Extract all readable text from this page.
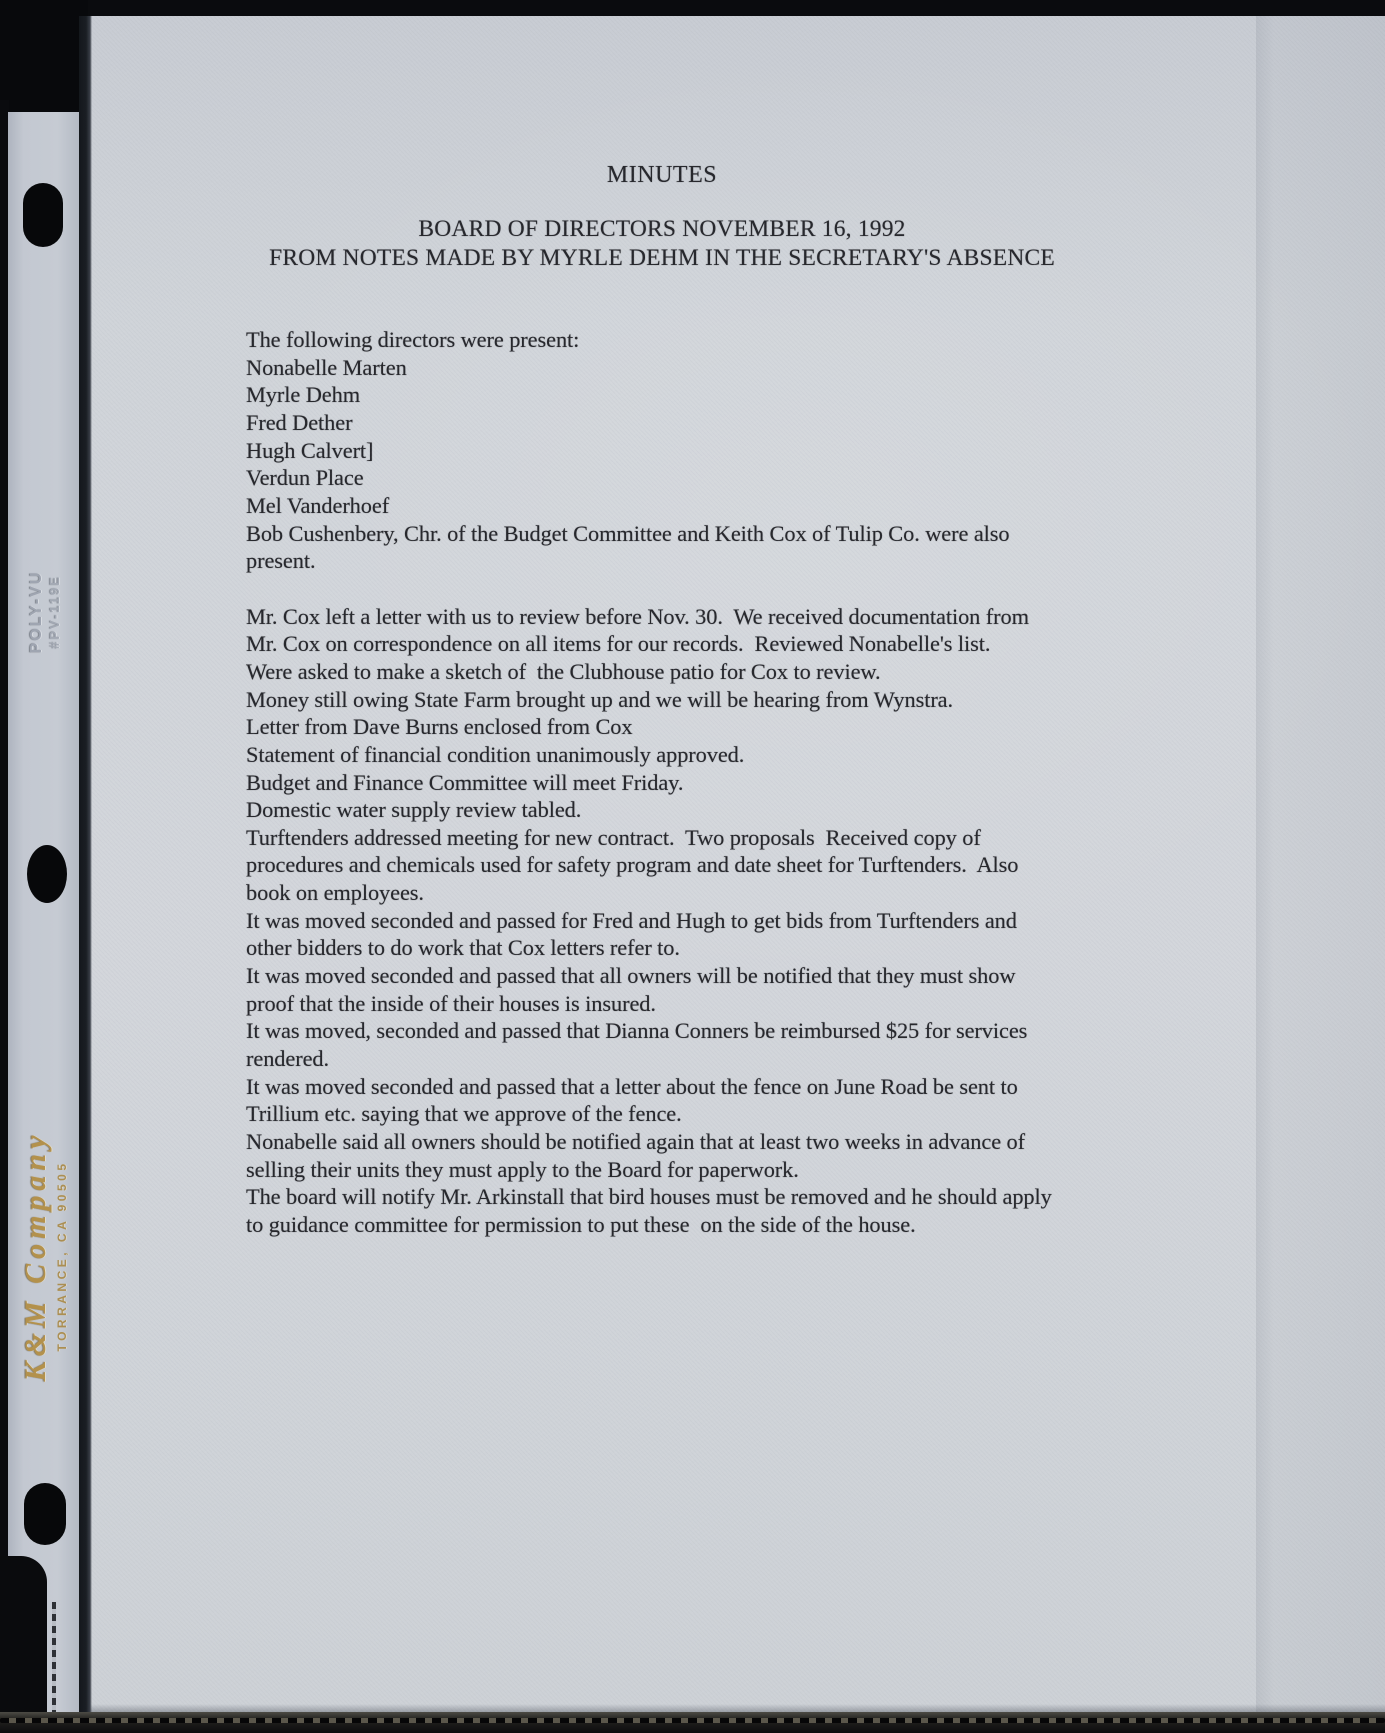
MINUTES
BOARD OF DIRECTORS NOVEMBER 16, 1992
FROM NOTES MADE BY MYRLE DEHM IN THE SECRETARY'S ABSENCE
The following directors were present:
Nonabelle Marten
Myrle Dehm
Fred Dether
Hugh Calvert]
Verdun Place
Mel Vanderhoef
Bob Cushenbery, Chr. of the Budget Committee and Keith Cox of Tulip Co. were also
present.
Mr. Cox left a letter with us to review before Nov. 30.  We received documentation from
Mr. Cox on correspondence on all items for our records.  Reviewed Nonabelle's list.
Were asked to make a sketch of  the Clubhouse patio for Cox to review.
Money still owing State Farm brought up and we will be hearing from Wynstra.
Letter from Dave Burns enclosed from Cox
Statement of financial condition unanimously approved.
Budget and Finance Committee will meet Friday.
Domestic water supply review tabled.
Turftenders addressed meeting for new contract.  Two proposals  Received copy of
procedures and chemicals used for safety program and date sheet for Turftenders.  Also
book on employees.
It was moved seconded and passed for Fred and Hugh to get bids from Turftenders and
other bidders to do work that Cox letters refer to.
It was moved seconded and passed that all owners will be notified that they must show
proof that the inside of their houses is insured.
It was moved, seconded and passed that Dianna Conners be reimbursed $25 for services
rendered.
It was moved seconded and passed that a letter about the fence on June Road be sent to
Trillium etc. saying that we approve of the fence.
Nonabelle said all owners should be notified again that at least two weeks in advance of
selling their units they must apply to the Board for paperwork.
The board will notify Mr. Arkinstall that bird houses must be removed and he should apply
to guidance committee for permission to put these  on the side of the house.
POLY-VU #PV-119E
K&M Company TORRANCE, CA 90505
